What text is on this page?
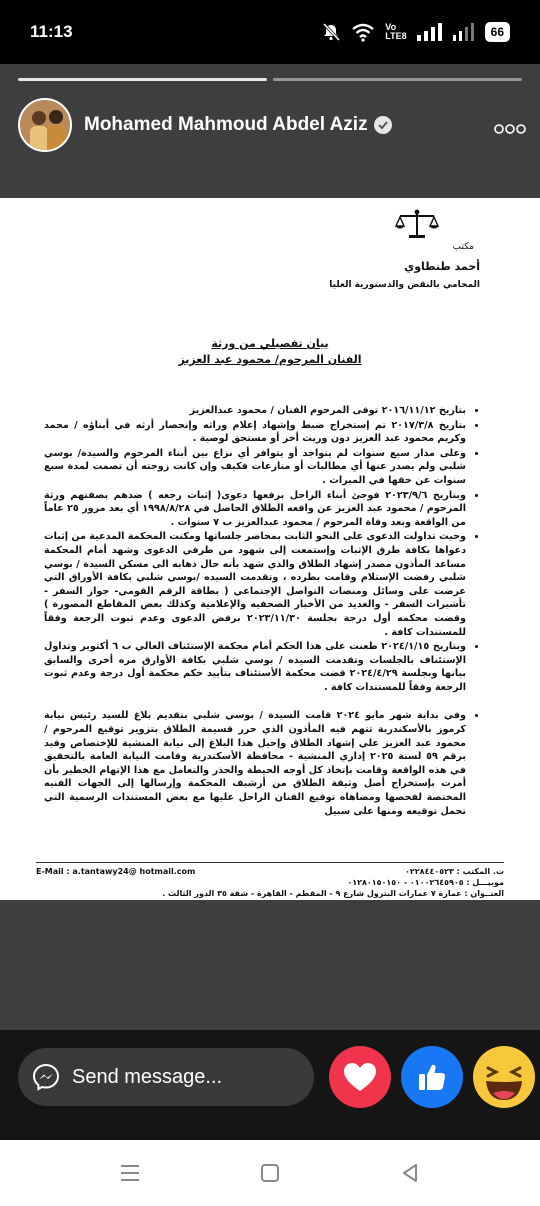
11:13	Vo
LTE8	66
Mohamed Mahmoud Abdel Aziz
مكتب
أحمد طنطاوي
المحامي بالنقض والدستورية العليا
بيان تفصيلي من ورثة
الفنان المرحوم/ محمود عبد العزيز
• بتاريخ ٢٠١٦/١١/١٢ توفى المرحوم الفنان / محمود عبدالعزيز
• بتاريخ ٢٠١٧/٣/٨ تم إستخراج ضبط وإشهاد إعلام وراثه وإنحصار أرثه في أبناؤه / محمد وكريم محمود عبد العزيز دون وريث أخر أو مستحق لوصية .
• وعلى مدار سبع سنوات لم يتواجد أو يتوافر أي نزاع بين أبناء المرحوم والسيدة/ بوسي شلبي ولم يصدر عنها أي مطالبات أو منازعات فكيف وإن كانت زوجته أن تصمت لمدة سبع سنوات عن حقها في الميراث .
• وبتاريخ ٢٠٢٣/٩/٦ فوجئ أبناء الراحل برفعها دعوى( إثبات رجعه ) ضدهم بصفتهم ورثة المرحوم / محمود عبد العزيز عن واقعه الطلاق الحاصل في ١٩٩٨/٨/٢٨ أي بعد مرور ٢٥ عاماً من الواقعة وبعد وفاة المرحوم / محمود عبدالعزيز ب ٧ سنوات .
• وحيث تداولت الدعوى على النحو الثابت بمحاضر جلساتها ومكنت المحكمة المدعية من إثبات دعواها بكافة طرق الإثبات وإستمعت إلى شهود من طرفي الدعوى وشهد أمام المحكمة مساعد المأذون مصدر إشهاد الطلاق والذي شهد بأنه حال ذهابه الى مسكن السيدة / بوسي شلبي رفضت الإستلام وقامت بطرده ، وتقدمت السيده /بوسي شلبي بكافة الأوراق التي عرضت على وسائل ومنصات التواصل الإجتماعي ( بطاقة الرقم القومي- جواز السفر - تأشيرات السفر - والعديد من الأخبار الصحفيه والإعلامية وكذلك بعض المقاطع المصورة ) وقضت محكمه أول درجة بجلسة ٢٠٢٣/١١/٣٠ برفض الدعوى وعدم ثبوت الرجعة وفقاً للمستندات كافة .
• وبتاريخ ٢٠٢٤/١/١٥ طعنت على هذا الحكم أمام محكمة الإستئناف العالي ب ٦ أكتوبر وتداول الإستئناف بالجلسات وتقدمت السيده / بوسي شلبي بكافة الأوارق مره أخرى والسابق بيانها وبجلسة ٢٠٢٤/٤/٢٩ قضت محكمة الأستئناف بتأييد حكم محكمة أول درجة وعدم ثبوت الرجعة وفقاً للمستندات كافة .

• وفي بداية شهر مايو ٢٠٢٤ قامت السيدة / بوسي شلبي بتقديم بلاغ للسيد رئيس نيابة كرموز بالأسكندرية تتهم فيه المأذون الذي حرر قسيمة الطلاق بتزوير توقيع المرحوم / محمود عبد العزيز علي إشهاد الطلاق وإحيل هذا البلاغ إلى نيابة المنشية للإختصاص وقيد برقم ٥٩ لسنة ٢٠٢٥ إداري المنشية - محافظة الأسكندرية وقامت النيابة العامة بالتحقيق في هذه الواقعة وقامت بإتخاذ كل أوجه الحيطة والحذر والتعامل مع هذا الإتهام الخطير بأن أمرت بإستخراج أصل وثيقة الطلاق من أرشيف المحكمة وإرسالها إلى الجهات الفنيه المختصة لفحصها ومضاهاه توقيع الفنان الراحل عليها مع بعض المستندات الرسمية التي تحمل توقيعه ومنها على سبيل
ت. المكتب : ٠٢٢٨٤٤٠٥٢٣
موبيـــل : ٠١٠٠٢٦٤٥٩٠٥ - ٠١٢٨٠١٥٠١٥٠
العنــوان : عمارة ٧ عمارات البترول شارع ٩ - المقطم - القاهرة - شقة ٣٥ الدور الثالث .
E-Mail : a.tantawy24@ hotmail.com
Send message...
